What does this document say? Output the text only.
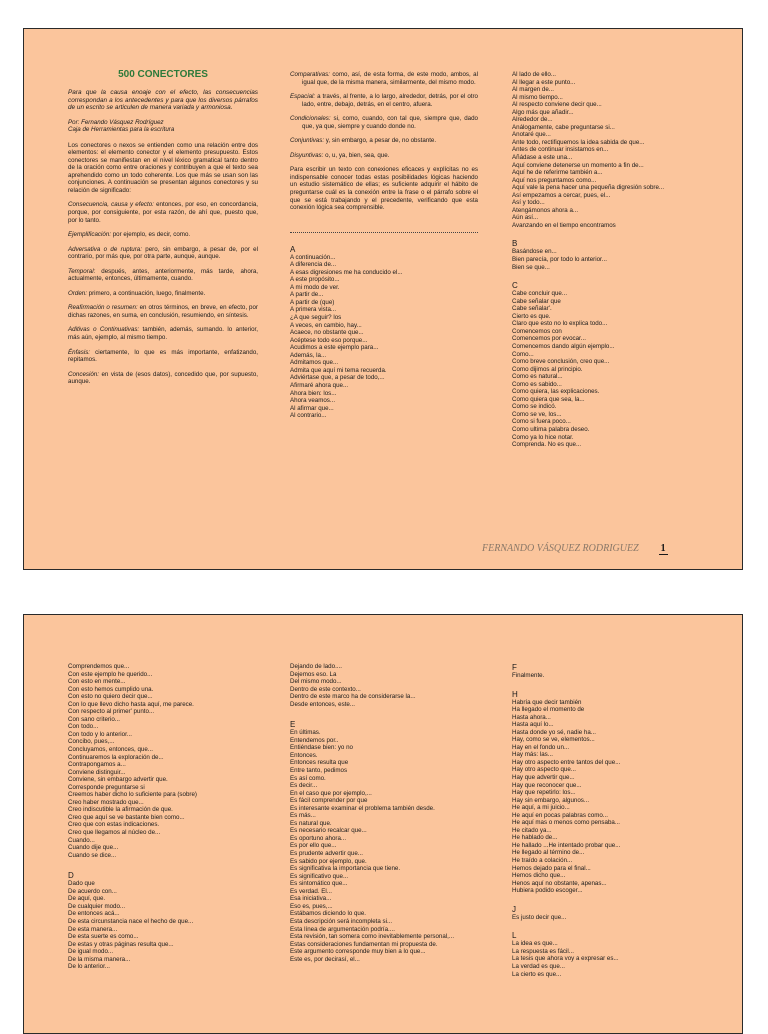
500 CONECTORES

Para que la causa enoaje con el efecto, las consecuencias correspondan a los antecedentes y para que los diversos párrafos de un escrito se articulen de manera variada y armoniosa.

Por: Fernando Vásquez Rodríguez
Caja de Herramientas para la escritura

Los conectores o nexos se entienden como una relación entre dos elementos: el elemento conector y el elemento presupuesto. Estos conectores se manifiestan en el nivel léxico gramatical tanto dentro de la oración como entre oraciones y contribuyen a que el texto sea aprehendido como un todo coherente. Los que más se usan son las conjunciones. A continuación se presentan algunos conectores y su relación de significado:

Consecuencia, causa y efecto: entonces, por eso, en concordancia, porque, por consiguiente, por esta razón, de ahí que, puesto que, por lo tanto.

Ejemplificación: por ejemplo, es decir, como.

Adversativa o de ruptura: pero, sin embargo, a pesar de, por el contrario, por más que, por otra parte, aunque, aunque.

Temporal: después, antes, anteriormente, más tarde, ahora, actualmente, entonces, últimamente, cuando.

Orden: primero, a continuación, luego, finalmente.

Reafirmación o resumen: en otros términos, en breve, en efecto, por dichas razones, en suma, en conclusión, resumiendo, en síntesis.

Aditivas o Continuativas: también, además, sumando. lo anterior, más aún, ejemplo, al mismo tiempo.

Énfasis: ciertamente, lo que es más importante, enfatizando, repitamos.

Concesión: en vista de (esos datos), concedido que, por supuesto, aunque.

Comparativas: como, así, de esta forma, de este modo, ambos, al igual que, de la misma manera, similarmente, del mismo modo.

Espacial: a través, al frente, a lo largo, alrededor, detrás, por el otro lado, entre, debajo, detrás, en el centro, afuera.

Condicionales: si, como, cuando, con tal que, siempre que, dado que, ya que, siempre y cuando donde no.

Conjuntivas: y, sin embargo, a pesar de, no obstante.

Disyuntivas: o, u, ya, bien, sea, que.

Para escribir un texto con conexiones eficaces y explícitas no es indispensable conocer todas estas posibilidades lógicas haciendo un estudio sistemático de ellas; es suficiente adquirir el hábito de preguntarse cuál es la conexión entre la frase o el párrafo sobre el que se está trabajando y el precedente, verificando que esta conexión lógica sea comprensible.

A
A continuación...
A diferencia de...
A esas digresiones me ha conducido el...
A este propósito...
A mi modo de ver.
A partir de...
A partir de (que)
A primera vista...
¿A que seguir? los
A veces, en cambio, hay...
Acaece, no obstante que...
Acéptese todo eso porque...
Acudimos a este ejemplo para...
Además, la...
Admitamos que...
Admita que aquí mi tema recuerda.
Adviértase que, a pesar de todo,...
Afirmaré ahora que...
Ahora bien: los...
Ahora veamos...
Al afirmar que...
Al contrario...
Al lado de ello...
Al llegar a este punto...
Al margen de...
Al mismo tiempo...
Al respecto conviene decir que...
Algo más que añadir...
Alrededor de...
Análogamente, cabe preguntarse si...
Anotaré que...
Ante todo, rectifiquemos la idea sabida de que...
Antes de continuar insistamos en...
Añádase a este una...
Aquí conviene detenerse un momento a fin de...
Aquí he de referirme también a...
Aquí nos preguntamos como...
Aquí vale la pena hacer una pequeña digresión sobre...
Así empezamos a cercar, pues, el...
Así y todo...
Atengámonos ahora a...
Aún así...
Avanzando en el tiempo encontramos
B
Basándose en...
Bien parecía, por todo lo anterior...
Bien se que...
C
Cabe concluir que...
Cabe señalar que
Cabe señalar'.
Cierto es que.
Claro que esto no lo explica todo...
Comencemos con
Comencemos por evocar...
Comencemos dando algún ejemplo...
Como...
Como breve conclusión, creo que...
Como dijimos al principio.
Como es natural...
Como es sabido...
Como quiera, las explicaciones.
Como quiera que sea, la...
Como se indicó.
Como se ve, los...
Como si fuera poco...
Como ultima palabra deseo.
Como ya lo hice notar.
Comprenda. No es que...
FERNANDO VÁSQUEZ RODRIGUEZ 1
Comprendemos que...
Con este ejemplo he querido...
Con esto en mente...
Con esto hemos cumplido una.
Con esto no quiero decir que...
Con lo que llevo dicho hasta aquí, me parece.
Con respecto al primer' punto...
Con sano criterio...
Con todo...
Con todo y lo anterior...
Concibo, pues,...
Concluyamos, entonces, que...
Continuaremos la exploración de...
Contrapongamos a...
Conviene distinguir...
Conviene, sin embargo advertir que.
Corresponde preguntarse si
Creemos haber dicho lo suficiente para (sobre)
Creo haber mostrado que...
Creo indiscutible la afirmación de que.
Creo que aquí se ve bastante bien como...
Creo que con estas indicaciones.
Creo que llegamos al núcleo de...
Cuando...
Cuando dije que...
Cuando se dice...
D
Dado que
De acuerdo con...
De aquí, que.
De cualquier modo...
De entonces acá...
De esta circunstancia nace el hecho de que...
De esta manera...
De esta suerte es como...
De estas y otras páginas resulta que...
De igual modo...
De la misma manera...
De lo anterior...
Dejando de lado....
Dejemos eso. La
Del mismo modo...
Dentro de este contexto...
Dentro de este marco ha de considerarse la...
Desde entonces, este...
E
En últimas.
Entendemos por..
Entiéndase bien: yo no
Entonces.
Entonces resulta que
Entre tanto, pedimos
Es así como.
Es decir...
En el caso que por ejemplo,...
Es fácil comprender por que
Es interesante examinar el problema también desde.
Es más...
Es natural que.
Es necesario recalcar que...
Es oportuno ahora...
Es por ello que...
Es prudente advertir que...
Es sabido por ejemplo, que.
Es significativa la importancia que tiene.
Es significativo que...
Es sintomático que...
Es verdad. El...
Esa iniciativa...
Eso es, pues,...
Estábamos diciendo lo que.
Esta descripción será incompleta si...
Esta línea de argumentación podría....
Esta revisión, tan somera como inevitablemente personal,...
Estas consideraciones fundamentan mi propuesta de.
Este argumento corresponde muy bien a lo que...
Este es, por decirasí, el...
F
Finalmente.
H
Habría que decir también
Ha llegado el momento de
Hasta ahora...
Hasta aquí lo...
Hasta donde yo sé, nadie ha...
Hay, como se ve, elementos...
Hay en el fondo un...
Hay más: las...
Hay otro aspecto entre tantos del que...
Hay otro aspecto que...
Hay que advertir que...
Hay que reconocer que...
Hay que repetirlo: los...
Hay sin embargo, algunos...
He aquí, a mi juicio...
He aquí en pocas palabras como...
He aquí mas o menos como pensaba...
He citado ya...
He hablado de...
He hallado ...He intentado probar que...
He llegado al término de...
He traído a colación...
Hemos dejado para el final...
Hemos dicho que...
Henos aquí no obstante, apenas...
Hubiera podido escoger...
J
Es justo decir que...
L
La idea es que...
La respuesta es fácil...
La tesis que ahora voy a expresar es...
La verdad es que...
La cierto es que...
